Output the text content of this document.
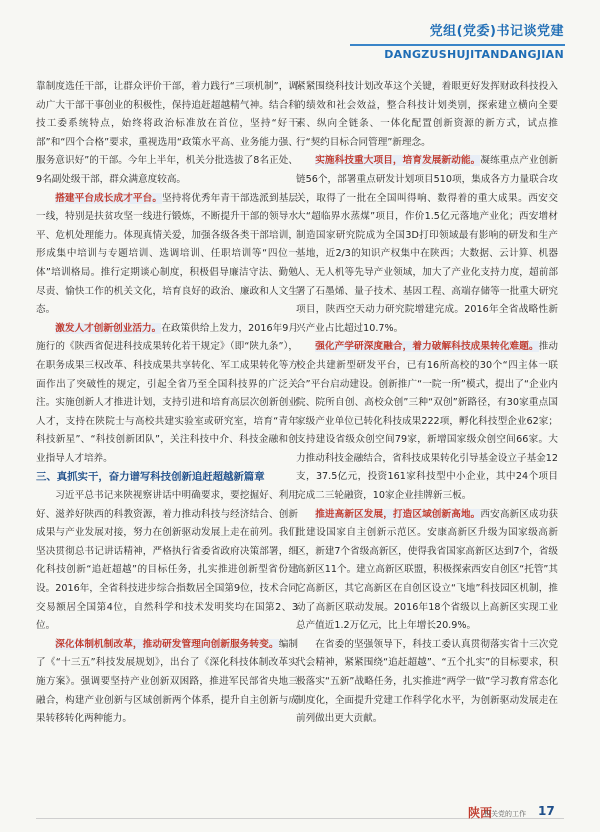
党组(党委)书记谈党建
DANGZUSHUJITANDANGJIAN

靠制度选任干部，让群众评价干部，着力践行“三项机制”，调动广大干部干事创业的积极性，保持追赶超越精气神。结合科技工委系统特点，始终将政治标准放在首位，坚持“好干部”和“四个合格”要求，重视选用“政策水平高、业务能力强、服务意识好”的干部。今年上半年，机关分批选拔了8名正处、9名副处级干部，群众满意度较高。

搭建平台成长成才平台。坚持将优秀年青干部选派到基层一线，特别是扶贫攻坚一线进行锻炼，不断提升干部的领导水平、危机处理能力。体现真情关爱，加强各级各类干部培训，形成集中培训与专题培训、选调培训、任职培训等“四位一体”培训格局。推行定期谈心制度，积极倡导廉洁守法、勤勉尽责、愉快工作的机关文化，培育良好的政治、廉政和人文生态。

激发人才创新创业活力。在政策供给上发力，2016年9月施行的《陕西省促进科技成果转化若干规定》（即“陕九条”），在职务成果三权改革、科技成果共享转化、军工成果转化等方面作出了突破性的规定，引起全省乃至全国科技界的广泛关注。实施创新人才推进计划，支持引进和培育高层次创新创业人才，支持在陕院士与高校共建实验室或研究室，培育“青年科技新星”、“科技创新团队”，关注科技中介、科技金融和创业指导人才培养。

三、真抓实干，奋力谱写科技创新追赶超越新篇章

习近平总书记来陕视察讲话中明确要求，要挖掘好、利用好、滋养好陕西的科教资源，着力推动科技与经济结合、创新成果与产业发展对接，努力在创新驱动发展上走在前列。我们坚决贯彻总书记讲话精神，严格执行省委省政府决策部署，细化科技创新“追赶超越”的目标任务，扎实推进创新型省份建设。2016年，全省科技进步综合指数居全国第9位，技术合同交易额居全国第4位，自然科学和技术发明奖均在国第2、3位。

深化体制机制改革，推动研发管理向创新服务转变。编制了《“十三五”科技发展规划》，出台了《深化科技体制改革实施方案》。强调要坚持产业创新双困路，推进军民部省央地三融合，构建产业创新与区域创新两个体系，提升自主创新与成果转移转化两种能力。

紧紧围绕科技计划改革这个关键，着眼更好发挥财政科技投入的绩效和社会效益，整合科技计划类别，探索建立横向全要素、纵向全链条、一体化配置创新资源的新方式，试点推行“契约目标合同管理”新理念。

实施科技重大项目，培育发展新动能。凝练重点产业创新链56个，部署重点研发计划项目510项，集成各方力量联合攻关，取得了一批在全国叫得响、数得着的重大成果。西安交大“超临界水蒸煤”项目，作价1.5亿元落地产业化；西安增材制造国家研究院成为全国3D打印领域最有影响的研发和生产基地，近2/3的知识产权集中在陕西；大数据、云计算、机器人、无人机等先导产业领域，加大了产业化支持力度，超前部署了石墨烯、量子技术、基因工程、高端存储等一批重大研究项目，陕西空天动力研究院增建完成。2016年全省战略性新兴产业占比超过10.7%。

强化产学研深度融合，着力破解科技成果转化难题。推动校企共建新型研发平台，已有16所高校的30个“四主体一联合”平台启动建设。创新推广“一院一所”模式，提出了“企业内院、院所自创、高校众创”三种“双创”新路径，有30家重点国家级产业单位已转化科技成果222项，孵化科技型企业62家；支持建设省级众创空间79家，新增国家级众创空间66家。大力推动科技金融结合，省科技成果转化引导基金设立子基金12支，37.5亿元，投资161家科技型中小企业，其中24个项目完成二三轮融资，10家企业挂牌新三板。

推进高新区发展，打造区域创新高地。西安高新区成功获批建设国家自主创新示范区。安康高新区升级为国家级高新区，新建7个省级高新区，使得我省国家高新区达到7个，省级高新区11个。建立高新区联盟，积极探索西安自创区“托管”其它高新区，其它高新区在自创区设立“飞地”科技园区机制，推动了高新区联动发展。2016年18个省级以上高新区实现工业总产值近1.2万亿元，比上年增长20.9%。

在省委的坚强领导下，科技工委认真贯彻落实省十三次党代会精神，紧紧围绕“追赶超越”、“五个扎实”的目标要求，积极落实“五新”战略任务，扎实推进“两学一做”学习教育常态化制度化，全面提升党建工作科学化水平，为创新驱动发展走在前列做出更大贡献。

陕西
机关党的工作 17
